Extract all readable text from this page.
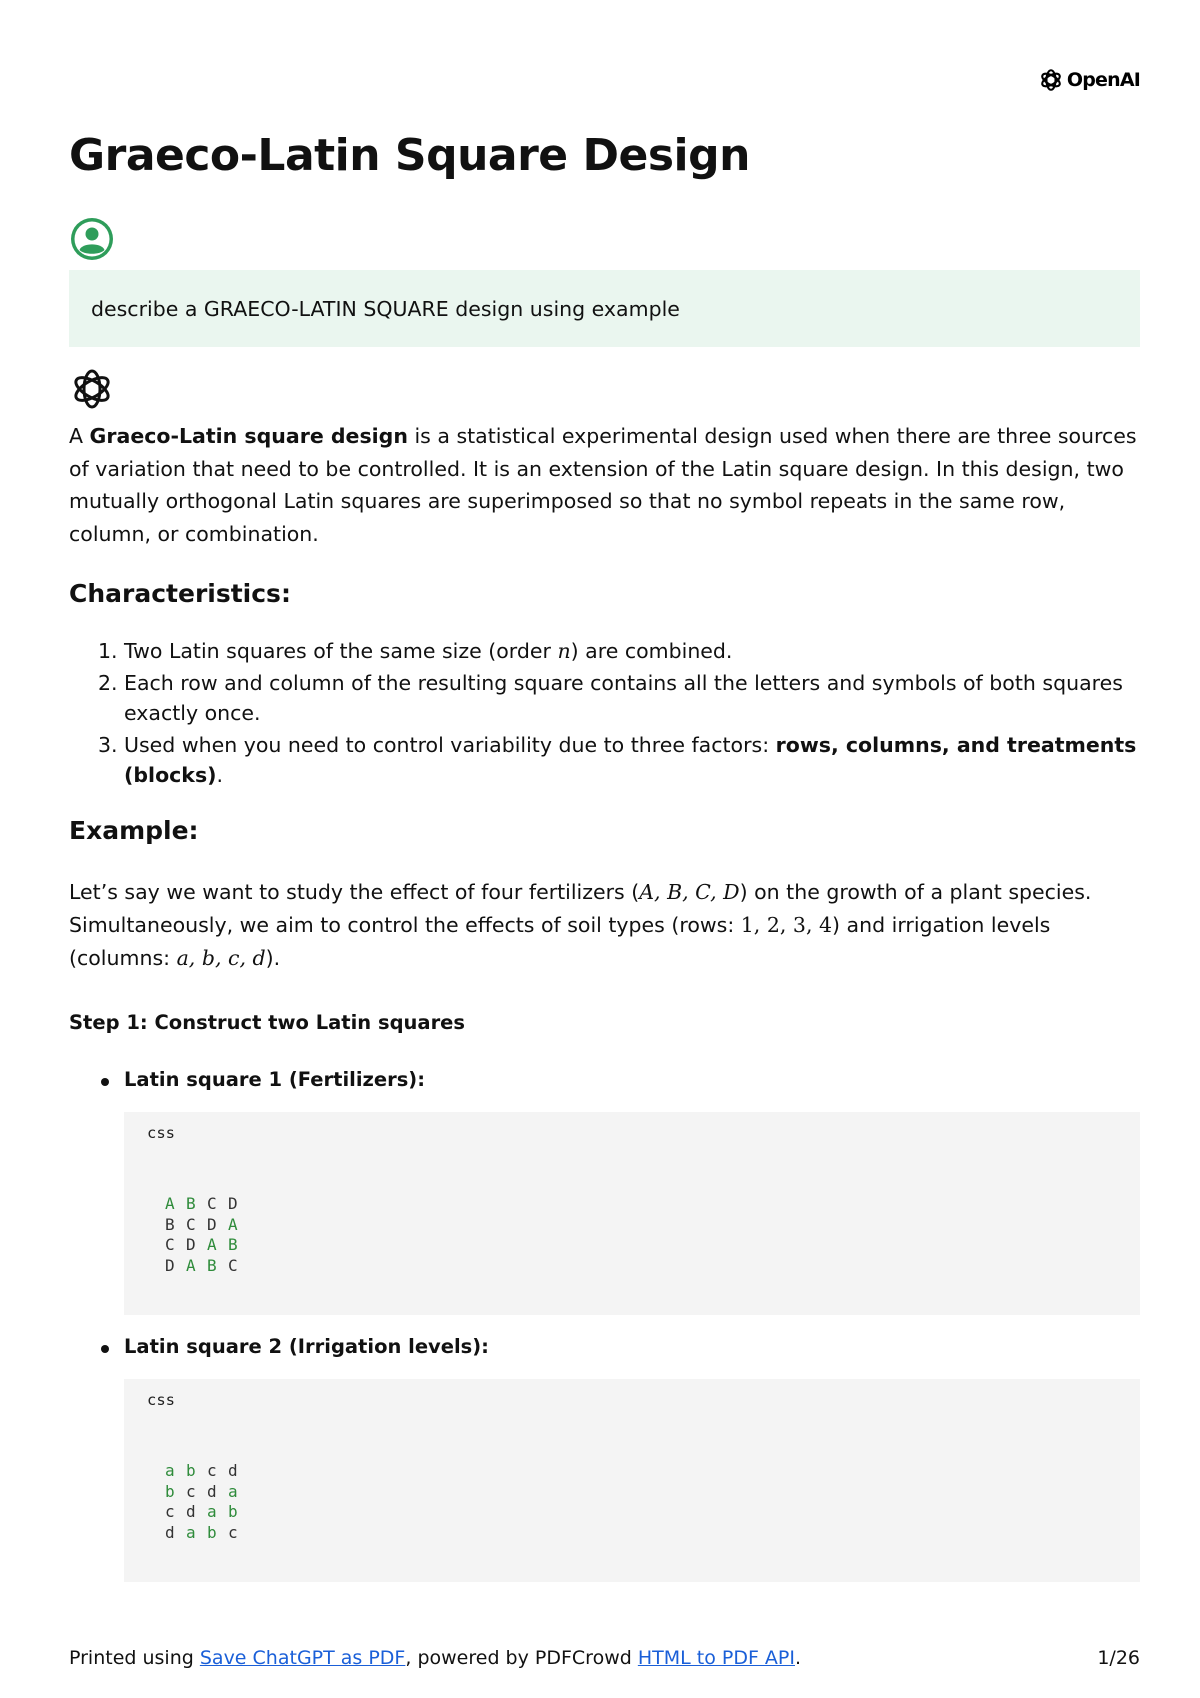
OpenAI
Graeco-Latin Square Design
describe a GRAECO-LATIN SQUARE design using example

A Graeco-Latin square design is a statistical experimental design used when there are three sources of variation that need to be controlled. It is an extension of the Latin square design. In this design, two mutually orthogonal Latin squares are superimposed so that no symbol repeats in the same row, column, or combination.

Characteristics:
1. Two Latin squares of the same size (order n) are combined.
2. Each row and column of the resulting square contains all the letters and symbols of both squares exactly once.
3. Used when you need to control variability due to three factors: rows, columns, and treatments (blocks).
Example:

Let’s say we want to study the effect of four fertilizers (A, B, C, D) on the growth of a plant species. Simultaneously, we aim to control the effects of soil types (rows: 1, 2, 3, 4) and irrigation levels (columns: a, b, c, d).

Step 1: Construct two Latin squares

Latin square 1 (Fertilizers):
css
A B C D
B C D A
C D A B
D A B C
Latin square 2 (Irrigation levels):
css
a b c d
b c d a
c d a b
d a b c
Printed using Save ChatGPT as PDF, powered by PDFCrowd HTML to PDF API.	1/26
